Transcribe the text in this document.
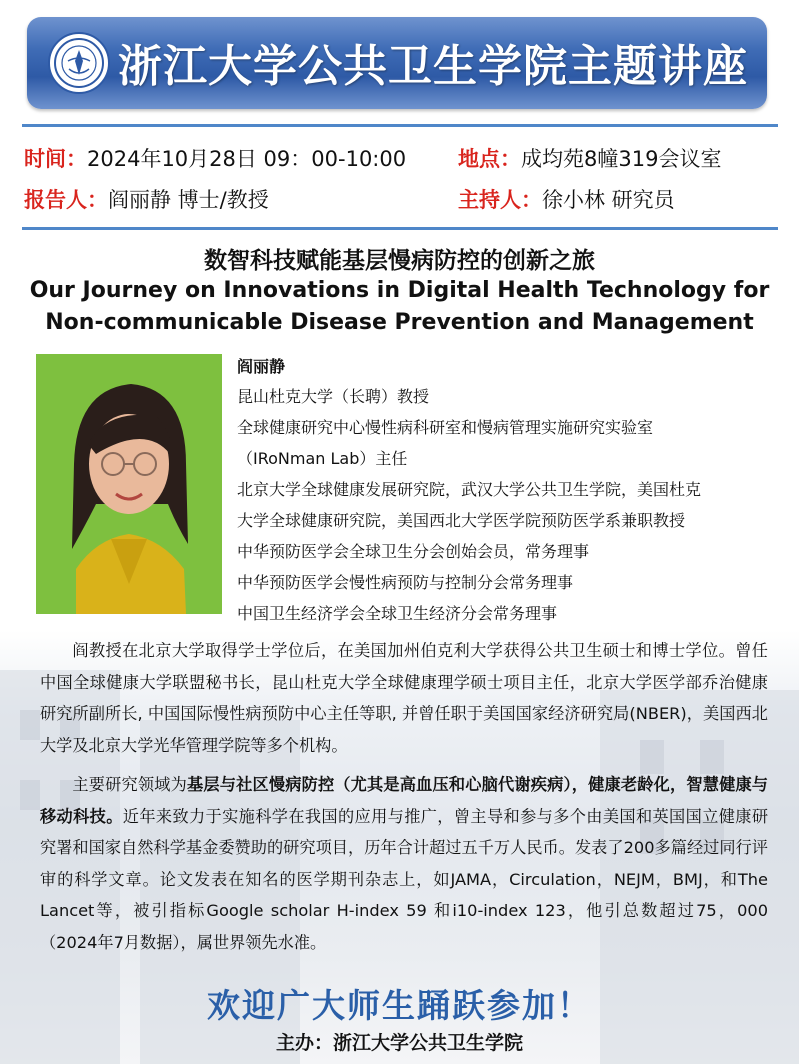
浙江大学公共卫生学院主题讲座
时间：2024年10月28日 09：00-10:00 地点：成均苑8幢319会议室
报告人：阎丽静 博士/教授	主持人：徐小林 研究员
数智科技赋能基层慢病防控的创新之旅
Our Journey on Innovations in Digital Health Technology for
Non-communicable Disease Prevention and Management
阎丽静
昆山杜克大学（长聘）教授
全球健康研究中心慢性病科研室和慢病管理实施研究实验室
（IRoNman Lab）主任
北京大学全球健康发展研究院，武汉大学公共卫生学院，美国杜克
大学全球健康研究院，美国西北大学医学院预防医学系兼职教授
中华预防医学会全球卫生分会创始会员，常务理事
中华预防医学会慢性病预防与控制分会常务理事
中国卫生经济学会全球卫生经济分会常务理事
阎教授在北京大学取得学士学位后，在美国加州伯克利大学获得公共卫生硕士和博士学位。曾任中国全球健康大学联盟秘书长，昆山杜克大学全球健康理学硕士项目主任，北京大学医学部乔治健康研究所副所长, 中国国际慢性病预防中心主任等职, 并曾任职于美国国家经济研究局(NBER)，美国西北大学及北京大学光华管理学院等多个机构。
主要研究领域为基层与社区慢病防控（尤其是高血压和心脑代谢疾病），健康老龄化，智慧健康与移动科技。近年来致力于实施科学在我国的应用与推广，曾主导和参与多个由美国和英国国立健康研究署和国家自然科学基金委赞助的研究项目，历年合计超过五千万人民币。发表了200多篇经过同行评审的科学文章。论文发表在知名的医学期刊杂志上，如JAMA，Circulation，NEJM，BMJ，和The Lancet等，被引指标Google scholar H-index 59 和i10-index 123，他引总数超过75，000（2024年7月数据），属世界领先水准。
欢迎广大师生踊跃参加！
主办：浙江大学公共卫生学院
